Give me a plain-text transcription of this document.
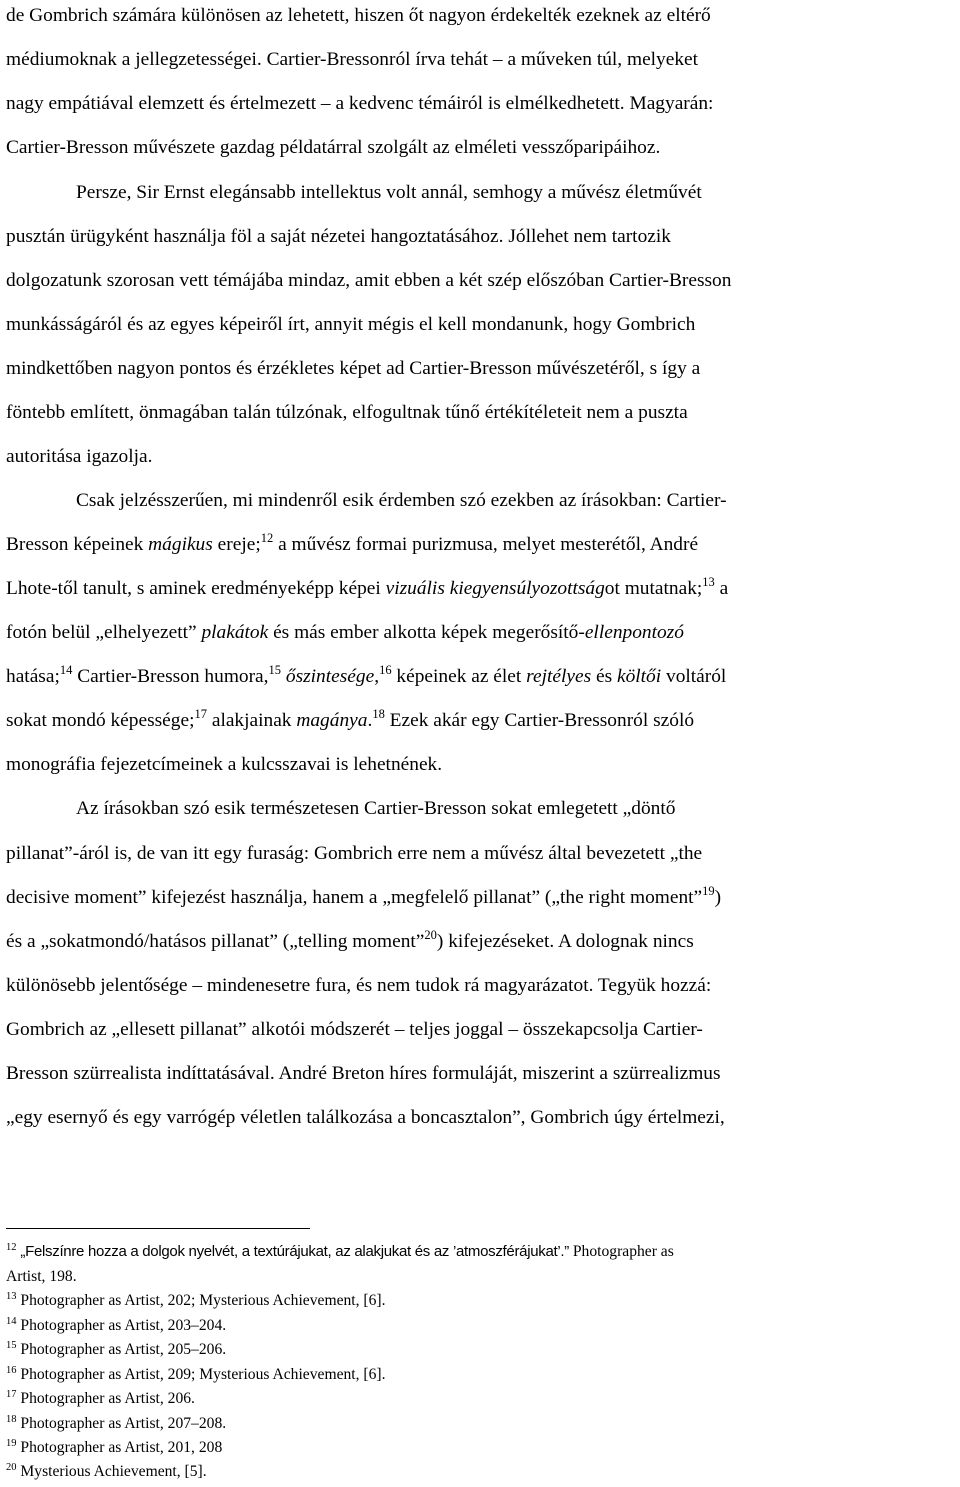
de Gombrich számára különösen az lehetett, hiszen őt nagyon érdekelték ezeknek az eltérő
médiumoknak a jellegzetességei. Cartier-Bressonról írva tehát – a műveken túl, melyeket
nagy empátiával elemzett és értelmezett – a kedvenc témáiról is elmélkedhetett. Magyarán:
Cartier-Bresson művészete gazdag példatárral szolgált az elméleti vesszőparipáihoz.
Persze, Sir Ernst elegánsabb intellektus volt annál, semhogy a művész életművét
pusztán ürügyként használja föl a saját nézetei hangoztatásához. Jóllehet nem tartozik
dolgozatunk szorosan vett témájába mindaz, amit ebben a két szép előszóban Cartier-Bresson
munkásságáról és az egyes képeiről írt, annyit mégis el kell mondanunk, hogy Gombrich
mindkettőben nagyon pontos és érzékletes képet ad Cartier-Bresson művészetéről, s így a
föntebb említett, önmagában talán túlzónak, elfogultnak tűnő értékítéleteit nem a puszta
autoritása igazolja.
Csak jelzésszerűen, mi mindenről esik érdemben szó ezekben az írásokban: Cartier-
Bresson képeinek mágikus ereje;$^{12}$ a művész formai purizmusa, melyet mesterétől, André
Lhote-től tanult, s aminek eredményeképp képei vizuális kiegyensúlyozottságot mutatnak;$^{13}$ a
fotón belül „elhelyezett” plakátok és más ember alkotta képek megerősítő-ellenpontozó
hatása;$^{14}$ Cartier-Bresson humora,$^{15}$ őszintesége,$^{16}$ képeinek az élet rejtélyes és költői voltáról
sokat mondó képessége;$^{17}$ alakjainak magánya.$^{18}$ Ezek akár egy Cartier-Bressonról szóló
monográfia fejezetcímeinek a kulcsszavai is lehetnének.
Az írásokban szó esik természetesen Cartier-Bresson sokat emlegetett „döntő
pillanat”-áról is, de van itt egy furaság: Gombrich erre nem a művész által bevezetett „the
decisive moment” kifejezést használja, hanem a „megfelelő pillanat” („the right moment”$^{19}$)
és a „sokatmondó/hatásos pillanat” („telling moment”$^{20}$) kifejezéseket. A dolognak nincs
különösebb jelentősége – mindenesetre fura, és nem tudok rá magyarázatot. Tegyük hozzá:
Gombrich az „ellesett pillanat” alkotói módszerét – teljes joggal – összekapcsolja Cartier-
Bresson szürrealista indíttatásával. André Breton híres formuláját, miszerint a szürrealizmus
„egy esernyő és egy varrógép véletlen találkozása a boncasztalon”, Gombrich úgy értelmezi,
$^{12}$ „Felszínre hozza a dolgok nyelvét, a textúrájukat, az alakjukat és az ’atmoszférájukat’.” Photographer as
Artist, 198.
$^{13}$ Photographer as Artist, 202; Mysterious Achievement, [6].
$^{14}$ Photographer as Artist, 203–204.
$^{15}$ Photographer as Artist, 205–206.
$^{16}$ Photographer as Artist, 209; Mysterious Achievement, [6].
$^{17}$ Photographer as Artist, 206.
$^{18}$ Photographer as Artist, 207–208.
$^{19}$ Photographer as Artist, 201, 208
$^{20}$ Mysterious Achievement, [5].
